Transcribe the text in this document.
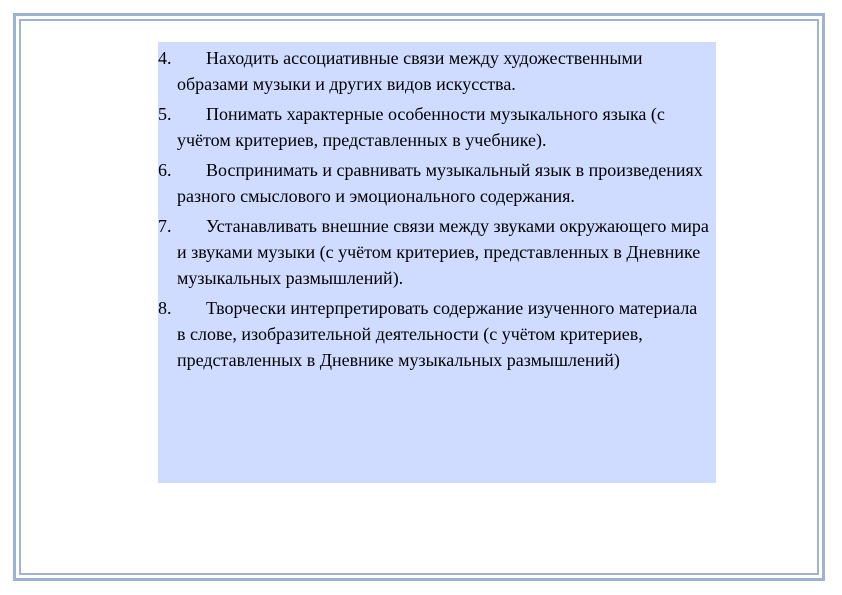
4.	Находить ассоциативные связи между художественными образами музыки и других видов искусства.
5.	Понимать характерные особенности музыкального языка (с учётом критериев, представленных в учебнике).
6.	Воспринимать и сравнивать музыкальный язык в произведениях разного смыслового и эмоционального содержания.
7.	Устанавливать внешние связи между звуками окружающего мира и звуками музыки (с учётом критериев, представленных в Дневнике музыкальных размышлений).
8.	Творчески интерпретировать содержание изученного материала в слове, изобразительной деятельности (с учётом критериев, представленных в Дневнике музыкальных размышлений)
